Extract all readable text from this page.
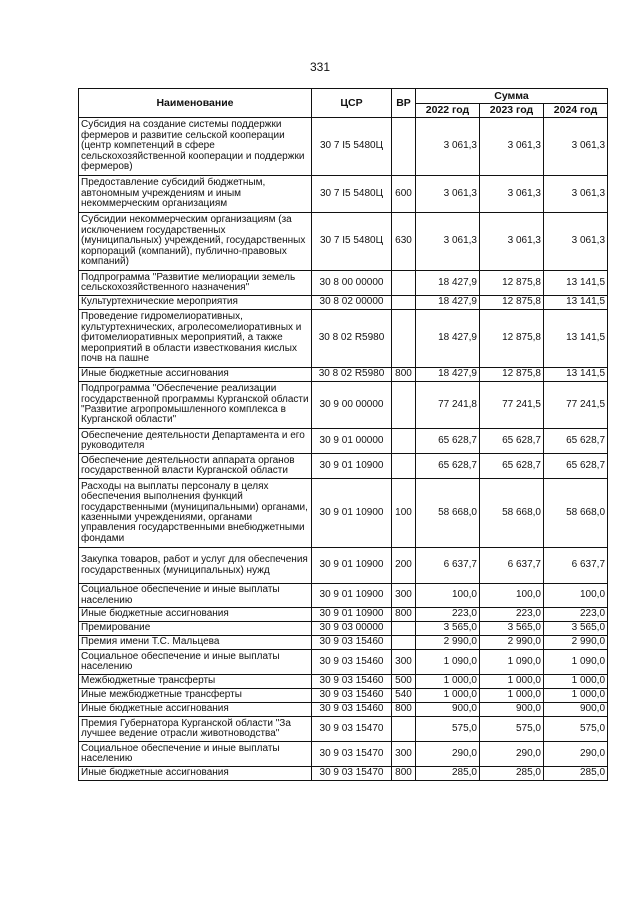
331
Наименование	ЦСР	ВР	Сумма		
			2022 год	2023 год	2024 год
Субсидия на создание системы поддержки фермеров и развитие сельской кооперации (центр компетенций в сфере сельскохозяйственной кооперации и поддержки фермеров)	30 7 I5 5480Ц		3 061,3	3 061,3	3 061,3
Предоставление субсидий бюджетным, автономным учреждениям и иным некоммерческим организациям	30 7 I5 5480Ц	600	3 061,3	3 061,3	3 061,3
Субсидии некоммерческим организациям (за исключением государственных (муниципальных) учреждений, государственных корпораций (компаний), публично-правовых компаний)	30 7 I5 5480Ц	630	3 061,3	3 061,3	3 061,3
Подпрограмма "Развитие мелиорации земель сельскохозяйственного назначения"	30 8 00 00000		18 427,9	12 875,8	13 141,5
Культуртехнические мероприятия	30 8 02 00000		18 427,9	12 875,8	13 141,5
Проведение гидромелиоративных, культуртехнических, агролесомелиоративных и фитомелиоративных мероприятий, а также мероприятий в области известкования кислых почв на пашне	30 8 02 R5980		18 427,9	12 875,8	13 141,5
Иные бюджетные ассигнования	30 8 02 R5980	800	18 427,9	12 875,8	13 141,5
Подпрограмма "Обеспечение реализации государственной программы Курганской области "Развитие агропромышленного комплекса в Курганской области"	30 9 00 00000		77 241,8	77 241,5	77 241,5
Обеспечение деятельности Департамента и его руководителя	30 9 01 00000		65 628,7	65 628,7	65 628,7
Обеспечение деятельности аппарата органов государственной власти Курганской области	30 9 01 10900		65 628,7	65 628,7	65 628,7
Расходы на выплаты персоналу в целях обеспечения выполнения функций государственными (муниципальными) органами, казенными учреждениями, органами управления государственными внебюджетными фондами	30 9 01 10900	100	58 668,0	58 668,0	58 668,0
Закупка товаров, работ и услуг для обеспечения государственных (муниципальных) нужд	30 9 01 10900	200	6 637,7	6 637,7	6 637,7
Социальное обеспечение и иные выплаты населению	30 9 01 10900	300	100,0	100,0	100,0
Иные бюджетные ассигнования	30 9 01 10900	800	223,0	223,0	223,0
Премирование	30 9 03 00000		3 565,0	3 565,0	3 565,0
Премия имени Т.С. Мальцева	30 9 03 15460		2 990,0	2 990,0	2 990,0
Социальное обеспечение и иные выплаты населению	30 9 03 15460	300	1 090,0	1 090,0	1 090,0
Межбюджетные трансферты	30 9 03 15460	500	1 000,0	1 000,0	1 000,0
Иные межбюджетные трансферты	30 9 03 15460	540	1 000,0	1 000,0	1 000,0
Иные бюджетные ассигнования	30 9 03 15460	800	900,0	900,0	900,0
Премия Губернатора Курганской области "За лучшее ведение отрасли животноводства"	30 9 03 15470		575,0	575,0	575,0
Социальное обеспечение и иные выплаты населению	30 9 03 15470	300	290,0	290,0	290,0
Иные бюджетные ассигнования	30 9 03 15470	800	285,0	285,0	285,0
